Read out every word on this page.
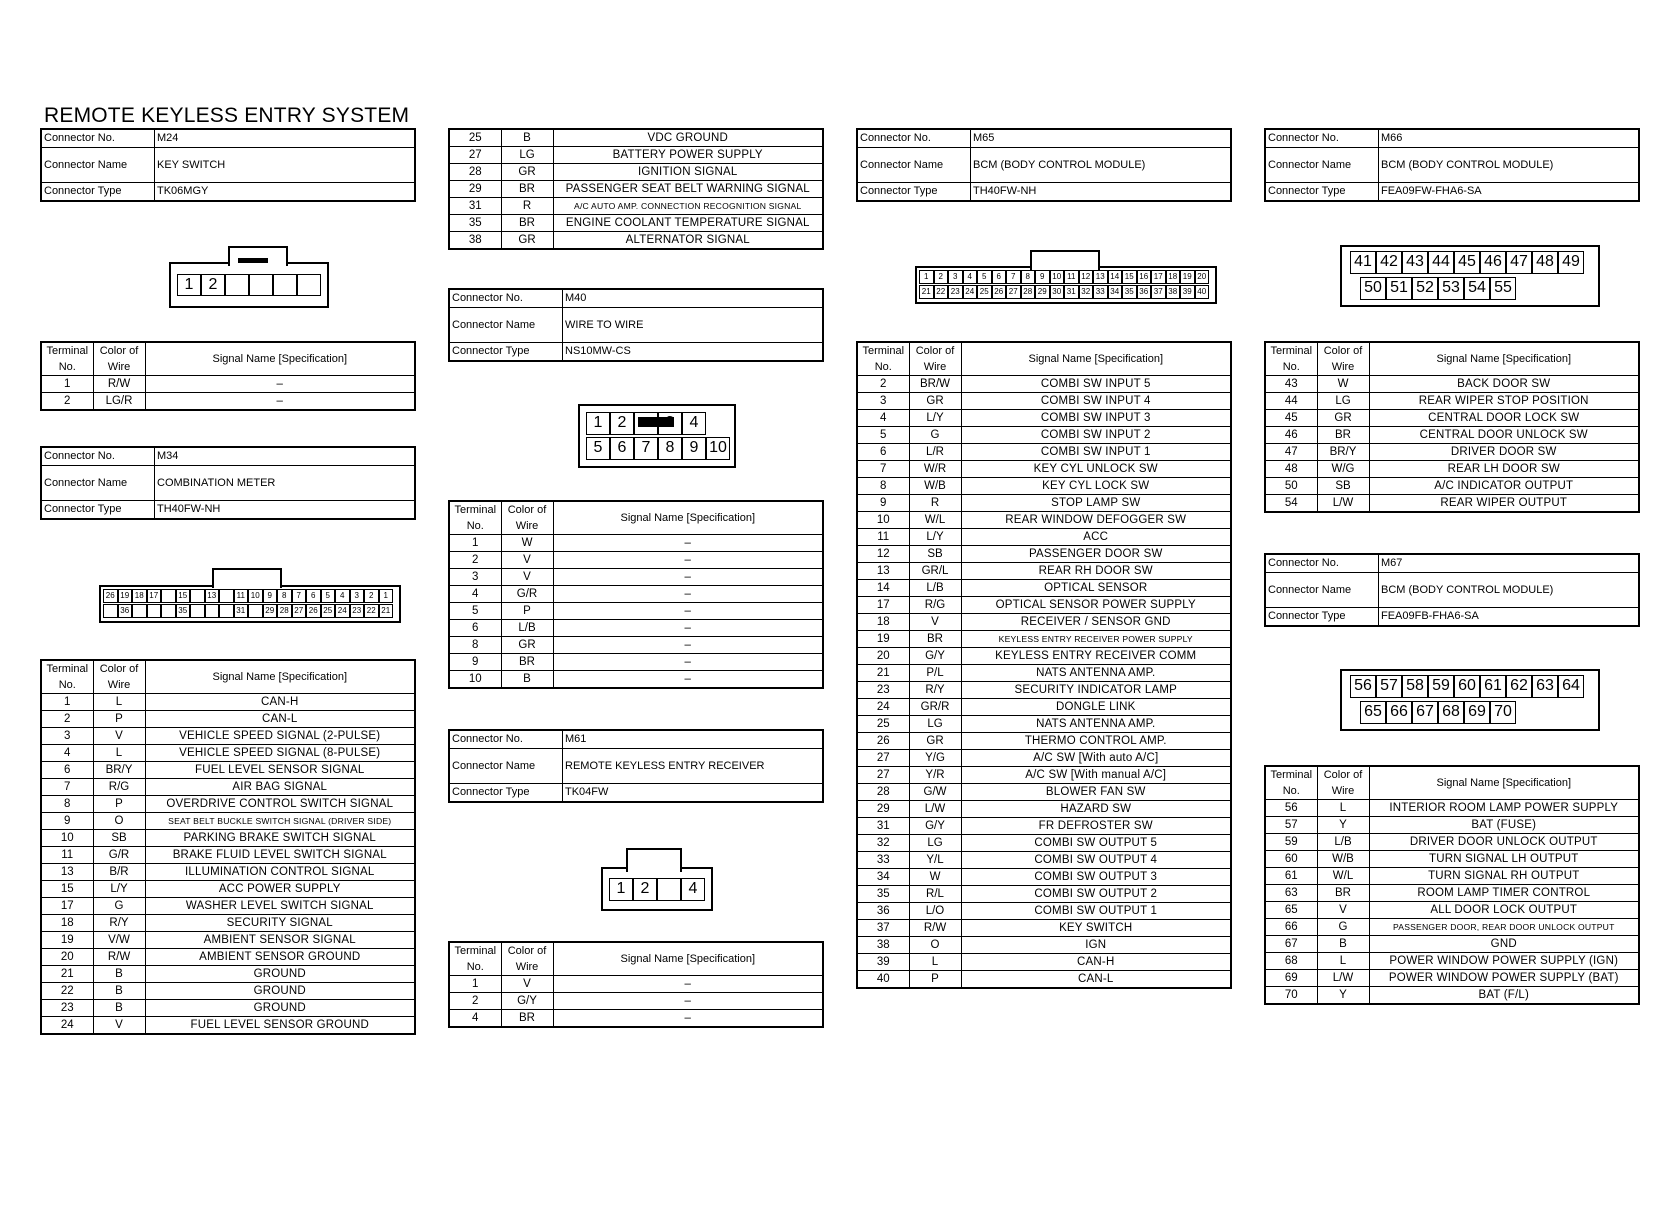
REMOTE KEYLESS ENTRY SYSTEM
Connector No.	M24
Connector Name	KEY SWITCH
Connector Type	TK06MGY
1 2
Terminal No.	Color of Wire	Signal Name [Specification]
1	R/W	–
2	LG/R	–
Connector No.	M34
Connector Name	COMBINATION METER
Connector Type	TH40FW-NH
26 19 18 17	15	13	11 10 9	8	7	6	5	4	3	2	1
36	35	31	29 28 27 26 25 24 23 22 21
Terminal No.	Color of Wire	Signal Name [Specification]
1	L	CAN-H
2	P	CAN-L
3	V	VEHICLE SPEED SIGNAL (2-PULSE)
4	L	VEHICLE SPEED SIGNAL (8-PULSE)
6	BR/Y	FUEL LEVEL SENSOR SIGNAL
7	R/G	AIR BAG SIGNAL
8	P	OVERDRIVE CONTROL SWITCH SIGNAL
9	O	SEAT BELT BUCKLE SWITCH SIGNAL (DRIVER SIDE)
10	SB	PARKING BRAKE SWITCH SIGNAL
11	G/R	BRAKE FLUID LEVEL SWITCH SIGNAL
13	B/R	ILLUMINATION CONTROL SIGNAL
15	L/Y	ACC POWER SUPPLY
17	G	WASHER LEVEL SWITCH SIGNAL
18	R/Y	SECURITY SIGNAL
19	V/W	AMBIENT SENSOR SIGNAL
20	R/W	AMBIENT SENSOR GROUND
21	B	GROUND
22	B	GROUND
23	B	GROUND
24	V	FUEL LEVEL SENSOR GROUND
25	B	VDC GROUND
27	LG	BATTERY POWER SUPPLY
28	GR	IGNITION SIGNAL
29	BR	PASSENGER SEAT BELT WARNING SIGNAL
31	R	A/C AUTO AMP. CONNECTION RECOGNITION SIGNAL
35	BR	ENGINE COOLANT TEMPERATURE SIGNAL
38	GR	ALTERNATOR SIGNAL
Connector No.	M40
Connector Name	WIRE TO WIRE
Connector Type	NS10MW-CS
1 2	4
5 6 7 8 9 10
Terminal No.	Color of Wire	Signal Name [Specification]
1	W	–
2	V	–
3	V	–
4	G/R	–
5	P	–
6	L/B	–
8	GR	–
9	BR	–
10	B	–
Connector No.	M61
Connector Name	REMOTE KEYLESS ENTRY RECEIVER
Connector Type	TK04FW
1 2	4
Terminal No.	Color of Wire	Signal Name [Specification]
1	V	–
2	G/Y	–
4	BR	–
Connector No.	M65
Connector Name	BCM (BODY CONTROL MODULE)
Connector Type	TH40FW-NH
1	2	3	4	5	6	7	8	9 10 11 12 13 14 15 16 17 18 19 20
21 22 23 24 25 26 27 28 29 30 31 32 33 34 35 36 37 38 39 40
Terminal No.	Color of Wire	Signal Name [Specification]
2	BR/W	COMBI SW INPUT 5
3	GR	COMBI SW INPUT 4
4	L/Y	COMBI SW INPUT 3
5	G	COMBI SW INPUT 2
6	L/R	COMBI SW INPUT 1
7	W/R	KEY CYL UNLOCK SW
8	W/B	KEY CYL LOCK SW
9	R	STOP LAMP SW
10	W/L	REAR WINDOW DEFOGGER SW
11	L/Y	ACC
12	SB	PASSENGER DOOR SW
13	GR/L	REAR RH DOOR SW
14	L/B	OPTICAL SENSOR
17	R/G	OPTICAL SENSOR POWER SUPPLY
18	V	RECEIVER / SENSOR GND
19	BR	KEYLESS ENTRY RECEIVER POWER SUPPLY
20	G/Y	KEYLESS ENTRY RECEIVER COMM
21	P/L	NATS ANTENNA AMP.
23	R/Y	SECURITY INDICATOR LAMP
24	GR/R	DONGLE LINK
25	LG	NATS ANTENNA AMP.
26	GR	THERMO CONTROL AMP.
27	Y/G	A/C SW [With auto A/C]
27	Y/R	A/C SW [With manual A/C]
28	G/W	BLOWER FAN SW
29	L/W	HAZARD SW
31	G/Y	FR DEFROSTER SW
32	LG	COMBI SW OUTPUT 5
33	Y/L	COMBI SW OUTPUT 4
34	W	COMBI SW OUTPUT 3
35	R/L	COMBI SW OUTPUT 2
36	L/O	COMBI SW OUTPUT 1
37	R/W	KEY SWITCH
38	O	IGN
39	L	CAN-H
40	P	CAN-L
Connector No.	M66
Connector Name	BCM (BODY CONTROL MODULE)
Connector Type	FEA09FW-FHA6-SA
41 42 43 44 45 46 47 48 49
50 51 52 53 54 55
Terminal No.	Color of Wire	Signal Name [Specification]
43	W	BACK DOOR SW
44	LG	REAR WIPER STOP POSITION
45	GR	CENTRAL DOOR LOCK SW
46	BR	CENTRAL DOOR UNLOCK SW
47	BR/Y	DRIVER DOOR SW
48	W/G	REAR LH DOOR SW
50	SB	A/C INDICATOR OUTPUT
54	L/W	REAR WIPER OUTPUT
Connector No.	M67
Connector Name	BCM (BODY CONTROL MODULE)
Connector Type	FEA09FB-FHA6-SA
56 57 58 59 60 61 62 63 64
65 66 67 68 69 70
Terminal No.	Color of Wire	Signal Name [Specification]
56	L	INTERIOR ROOM LAMP POWER SUPPLY
57	Y	BAT (FUSE)
59	L/B	DRIVER DOOR UNLOCK OUTPUT
60	W/B	TURN SIGNAL LH OUTPUT
61	W/L	TURN SIGNAL RH OUTPUT
63	BR	ROOM LAMP TIMER CONTROL
65	V	ALL DOOR LOCK OUTPUT
66	G	PASSENGER DOOR, REAR DOOR UNLOCK OUTPUT
67	B	GND
68	L	POWER WINDOW POWER SUPPLY (IGN)
69	L/W	POWER WINDOW POWER SUPPLY (BAT)
70	Y	BAT (F/L)
